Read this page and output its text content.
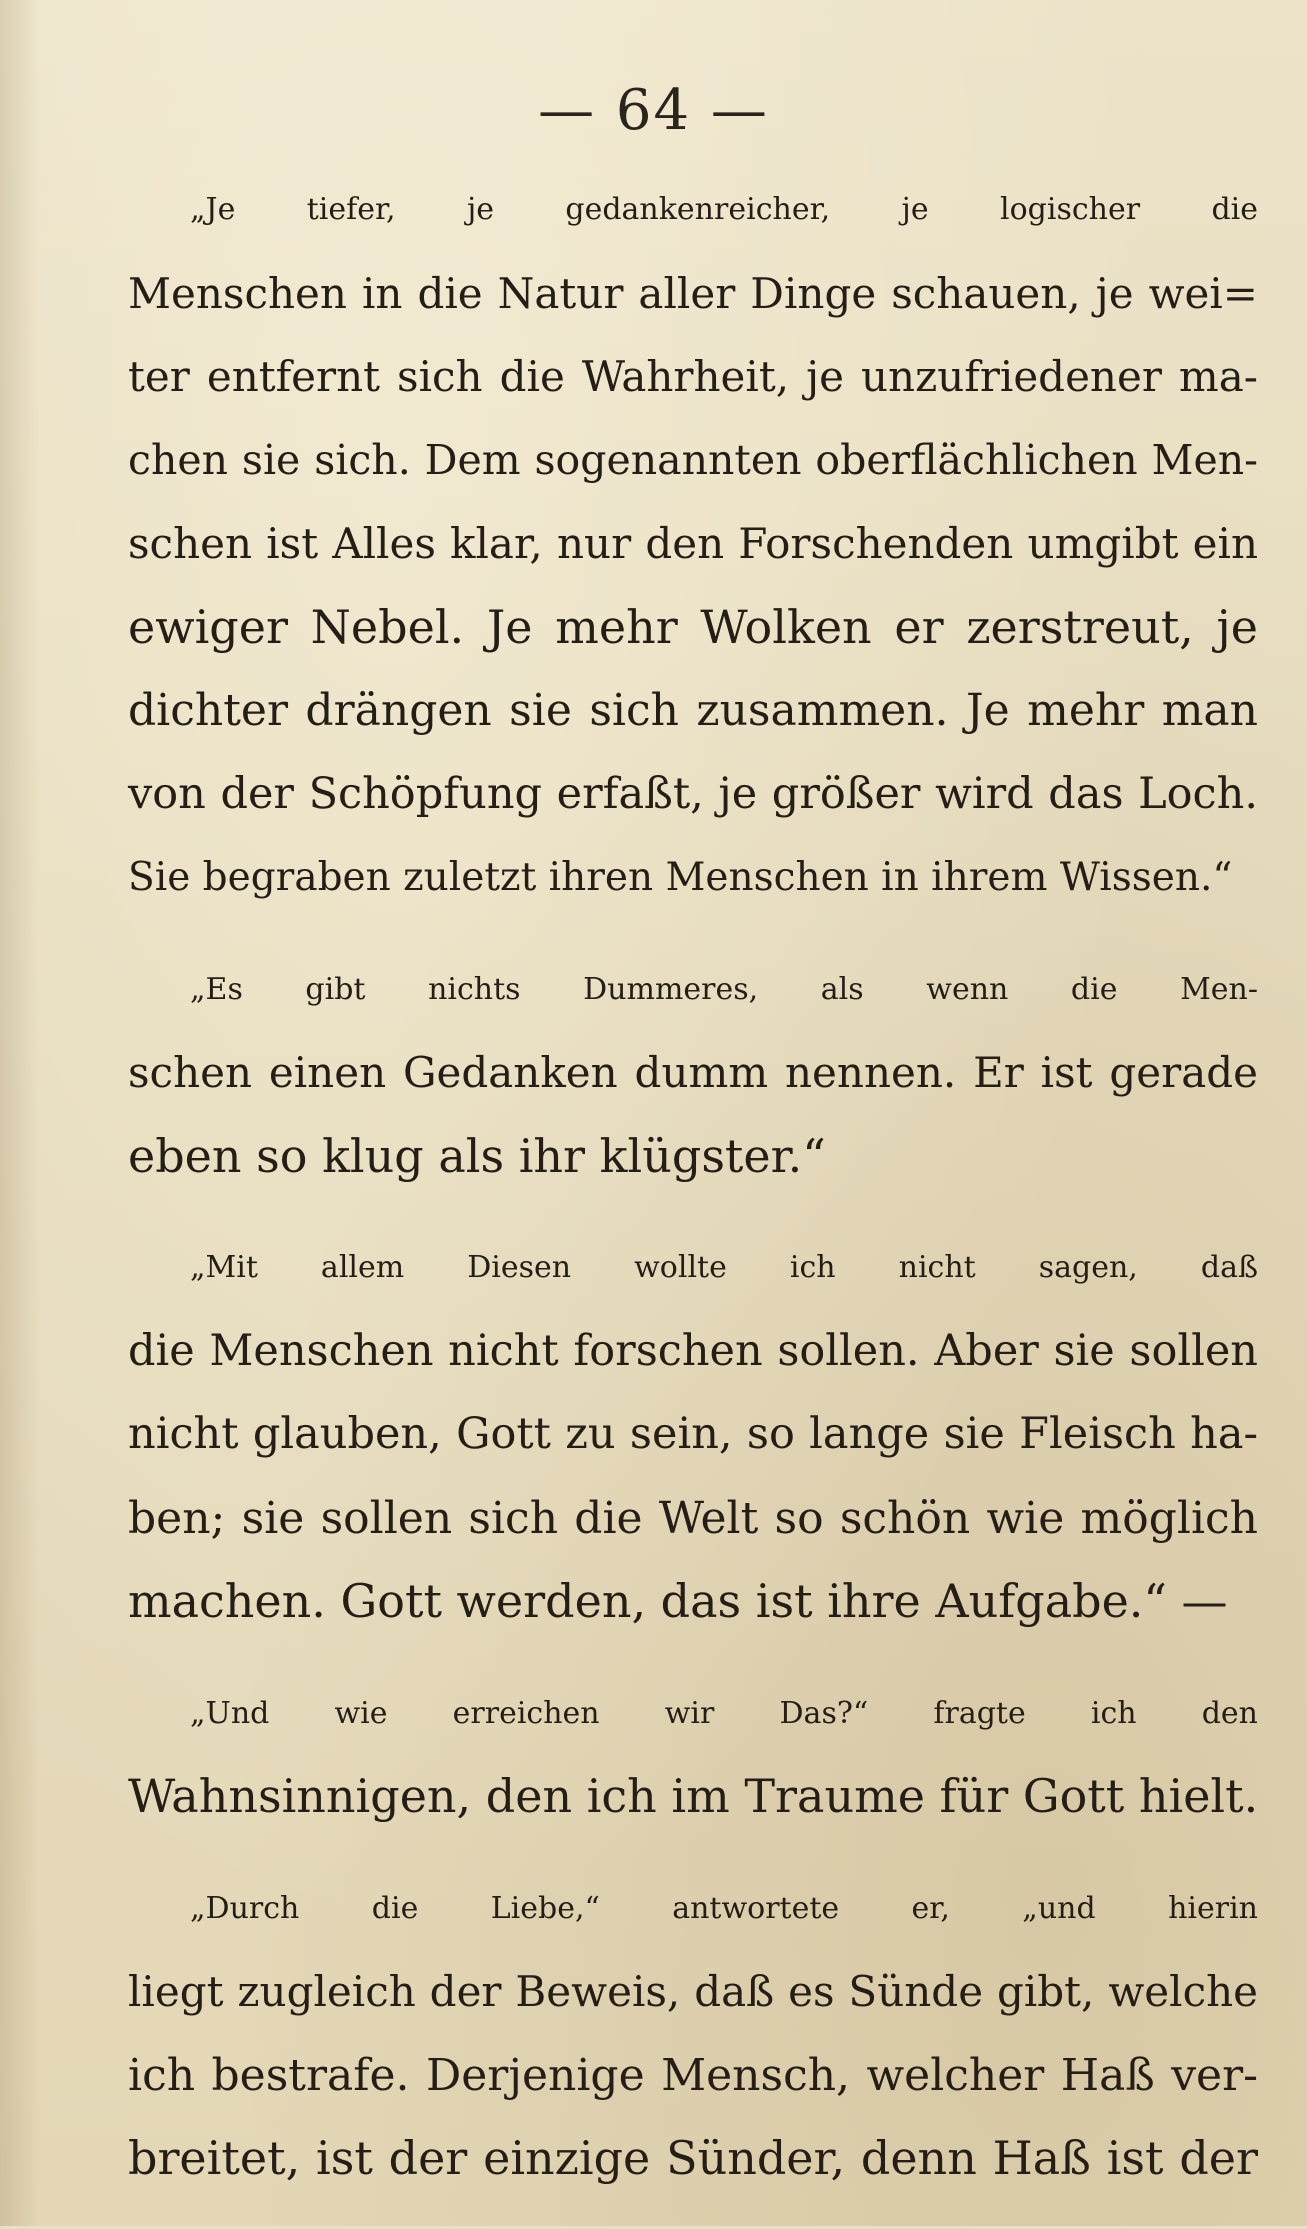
— 64 —

„Je tiefer, je gedankenreicher, je logischer die
Menschen in die Natur aller Dinge schauen, je wei=
ter entfernt sich die Wahrheit, je unzufriedener ma-
chen sie sich. Dem sogenannten oberflächlichen Men-
schen ist Alles klar, nur den Forschenden umgibt ein
ewiger Nebel. Je mehr Wolken er zerstreut, je
dichter drängen sie sich zusammen. Je mehr man
von der Schöpfung erfaßt, je größer wird das Loch.
Sie begraben zuletzt ihren Menschen in ihrem Wissen.“

„Es gibt nichts Dummeres, als wenn die Men-
schen einen Gedanken dumm nennen. Er ist gerade
eben so klug als ihr klügster.“

„Mit allem Diesen wollte ich nicht sagen, daß
die Menschen nicht forschen sollen. Aber sie sollen
nicht glauben, Gott zu sein, so lange sie Fleisch ha-
ben; sie sollen sich die Welt so schön wie möglich
machen. Gott werden, das ist ihre Aufgabe.“ —

„Und wie erreichen wir Das?“ fragte ich den
Wahnsinnigen, den ich im Traume für Gott hielt.

„Durch die Liebe,“ antwortete er, „und hierin
liegt zugleich der Beweis, daß es Sünde gibt, welche
ich bestrafe. Derjenige Mensch, welcher Haß ver-
breitet, ist der einzige Sünder, denn Haß ist der
